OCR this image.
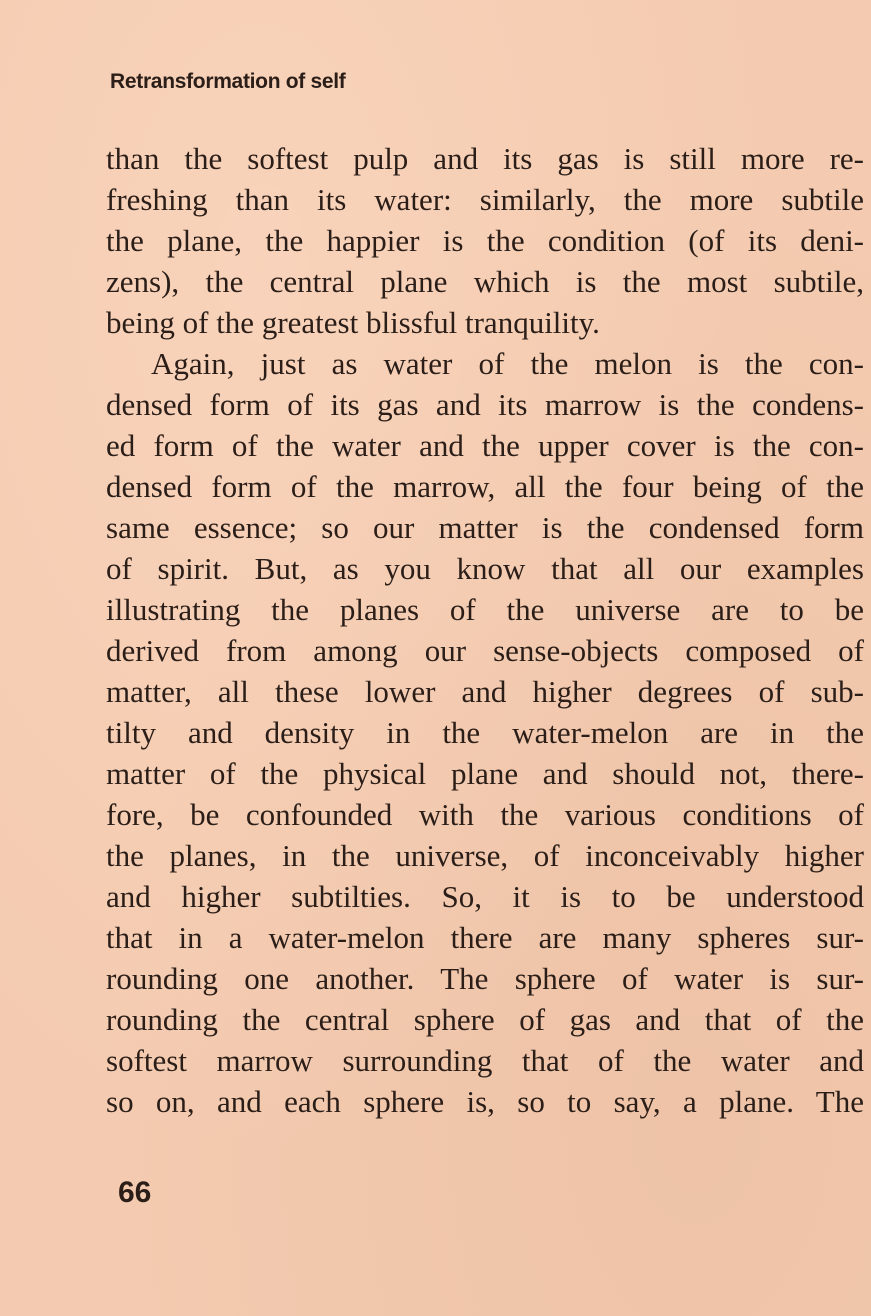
Retransformation of self
than the softest pulp and its gas is still more re-
freshing than its water: similarly, the more subtile
the plane, the happier is the condition (of its deni-
zens), the central plane which is the most subtile,
being of the greatest blissful tranquility.
Again, just as water of the melon is the con-
densed form of its gas and its marrow is the condens-
ed form of the water and the upper cover is the con-
densed form of the marrow, all the four being of the
same essence; so our matter is the condensed form
of spirit. But, as you know that all our examples
illustrating the planes of the universe are to be
derived from among our sense-objects composed of
matter, all these lower and higher degrees of sub-
tilty and density in the water-melon are in the
matter of the physical plane and should not, there-
fore, be confounded with the various conditions of
the planes, in the universe, of inconceivably higher
and higher subtilties. So, it is to be understood
that in a water-melon there are many spheres sur-
rounding one another. The sphere of water is sur-
rounding the central sphere of gas and that of the
softest marrow surrounding that of the water and
so on, and each sphere is, so to say, a plane. The
66
